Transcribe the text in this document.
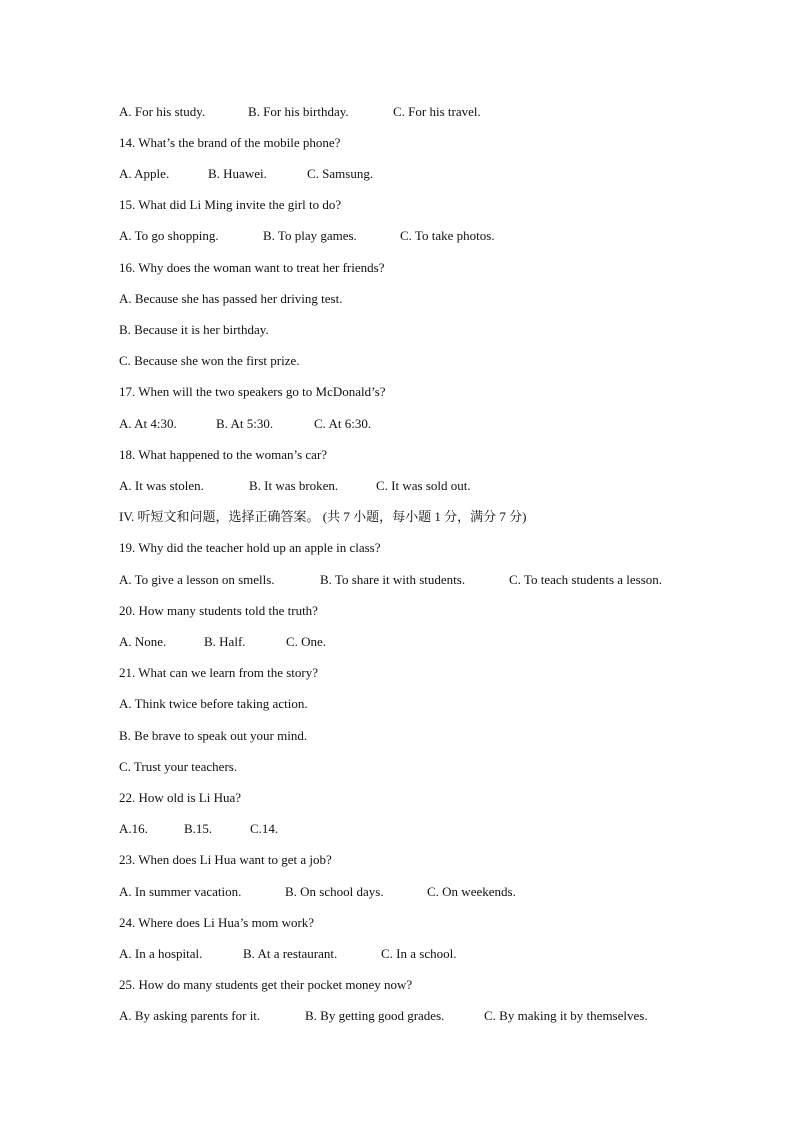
A. For his study.	B. For his birthday.	C. For his travel.
14. What’s the brand of the mobile phone?
A. Apple.	B. Huawei.	C. Samsung.
15. What did Li Ming invite the girl to do?
A. To go shopping.	B. To play games.	C. To take photos.
16. Why does the woman want to treat her friends?
A. Because she has passed her driving test.
B. Because it is her birthday.
C. Because she won the first prize.
17. When will the two speakers go to McDonald’s?
A. At 4:30.	B. At 5:30.	C. At 6:30.
18. What happened to the woman’s car?
A. It was stolen.	B. It was broken.	C. It was sold out.
IV. 听短文和问题，选择正确答案。 (共 7 小题，每小题 1 分，满分 7 分)
19. Why did the teacher hold up an apple in class?
A. To give a lesson on smells.	B. To share it with students.	C. To teach students a lesson.
20. How many students told the truth?
A. None.	B. Half.	C. One.
21. What can we learn from the story?
A. Think twice before taking action.
B. Be brave to speak out your mind.
C. Trust your teachers.
22. How old is Li Hua?
A.16.	B.15.	C.14.
23. When does Li Hua want to get a job?
A. In summer vacation.	B. On school days.	C. On weekends.
24. Where does Li Hua’s mom work?
A. In a hospital.	B. At a restaurant.	C. In a school.
25. How do many students get their pocket money now?
A. By asking parents for it.	B. By getting good grades.	C. By making it by themselves.
